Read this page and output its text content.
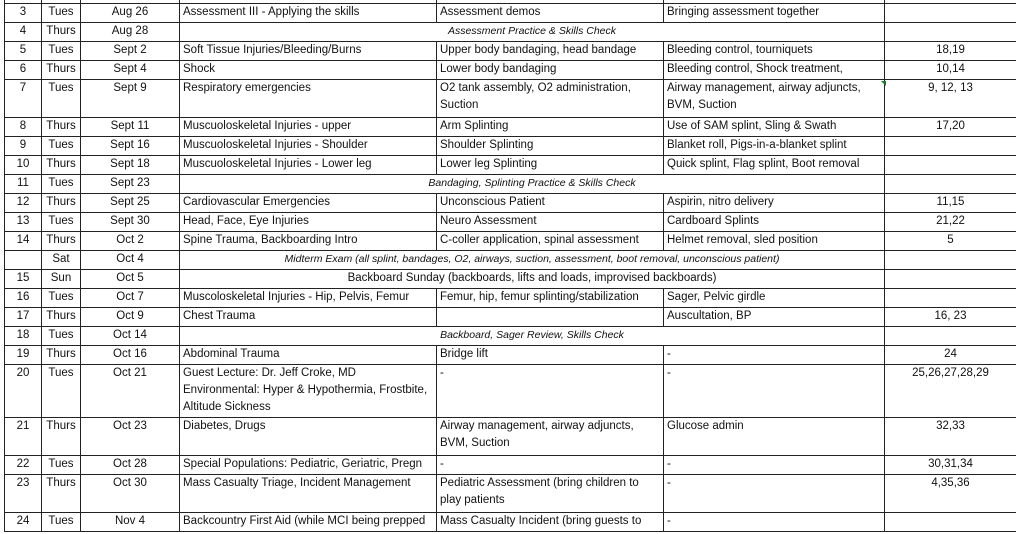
3	Tues	Aug 26	Assessment III - Applying the skills	Assessment demos	Bringing assessment together	
4	Thurs	Aug 28	Assessment Practice & Skills Check			
5	Tues	Sept 2	Soft Tissue Injuries/Bleeding/Burns	Upper body bandaging, head bandage	Bleeding control, tourniquets	18,19
6	Thurs	Sept 4	Shock	Lower body bandaging	Bleeding control, Shock treatment,	10,14
7	Tues	Sept 9	Respiratory emergencies	O2 tank assembly, O2 administration, Suction	Airway management, airway adjuncts, BVM, Suction	9, 12, 13
8	Thurs	Sept 11	Muscuoloskeletal Injuries - upper	Arm Splinting	Use of SAM splint, Sling & Swath	17,20
9	Tues	Sept 16	Muscuoloskeletal Injuries - Shoulder	Shoulder Splinting	Blanket roll, Pigs-in-a-blanket splint	
10	Thurs	Sept 18	Muscuoloskeletal Injuries - Lower leg	Lower leg Splinting	Quick splint, Flag splint, Boot removal	
11	Tues	Sept 23	Bandaging, Splinting Practice & Skills Check			
12	Thurs	Sept 25	Cardiovascular Emergencies	Unconscious Patient	Aspirin, nitro delivery	11,15
13	Tues	Sept 30	Head, Face, Eye Injuries	Neuro Assessment	Cardboard Splints	21,22
14	Thurs	Oct 2	Spine Trauma, Backboarding Intro	C-coller application, spinal assessment	Helmet removal, sled position	5
	Sat	Oct 4	Midterm Exam (all splint, bandages, O2, airways, suction, assessment, boot removal, unconscious patient)			
15	Sun	Oct 5	Backboard Sunday (backboards, lifts and loads, improvised backboards)			
16	Tues	Oct 7	Muscoloskeletal Injuries - Hip, Pelvis, Femur	Femur, hip, femur splinting/stabilization	Sager, Pelvic girdle	
17	Thurs	Oct 9	Chest Trauma		Auscultation, BP	16, 23
18	Tues	Oct 14	Backboard, Sager Review, Skills Check			
19	Thurs	Oct 16	Abdominal Trauma	Bridge lift	-	24
20	Tues	Oct 21	Guest Lecture: Dr. Jeff Croke, MD Environmental: Hyper & Hypothermia, Frostbite, Altitude Sickness	-	-	25,26,27,28,29
21	Thurs	Oct 23	Diabetes, Drugs	Airway management, airway adjuncts, BVM, Suction	Glucose admin	32,33
22	Tues	Oct 28	Special Populations: Pediatric, Geriatric, Pregn	-	-	30,31,34
23	Thurs	Oct 30	Mass Casualty Triage, Incident Management	Pediatric Assessment (bring children to play patients	-	4,35,36
24	Tues	Nov 4	Backcountry First Aid (while MCI being prepped	Mass Casualty Incident (bring guests to	-	
